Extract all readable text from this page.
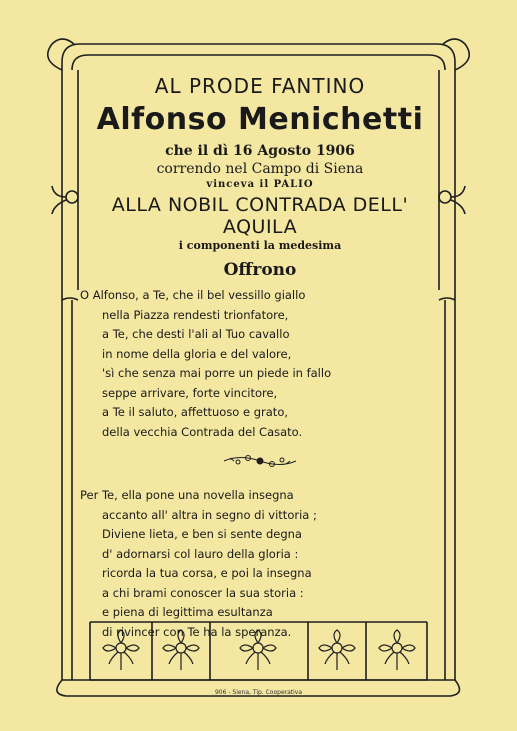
AL PRODE FANTINO
Alfonso Menichetti
che il dì 16 Agosto 1906
correndo nel Campo di Siena
vinceva il PALIO
ALLA NOBIL CONTRADA DELL' AQUILA
i componenti la medesima
Offrono
O Alfonso, a Te, che il bel vessillo giallo
nella Piazza rendesti trionfatore,
a Te, che desti l'ali al Tuo cavallo
in nome della gloria e del valore,
'sì che senza mai porre un piede in fallo
seppe arrivare, forte vincitore,
a Te il saluto, affettuoso e grato,
della vecchia Contrada del Casato.
Per Te, ella pone una novella insegna
accanto all' altra in segno di vittoria ;
Diviene lieta, e ben si sente degna
d' adornarsi col lauro della gloria :
ricorda la tua corsa, e poi la insegna
a chi brami conoscer la sua storia :
e piena di legittima esultanza
di rivincer con Te ha la speranza.
906 - Siena, Tip. Cooperativa
